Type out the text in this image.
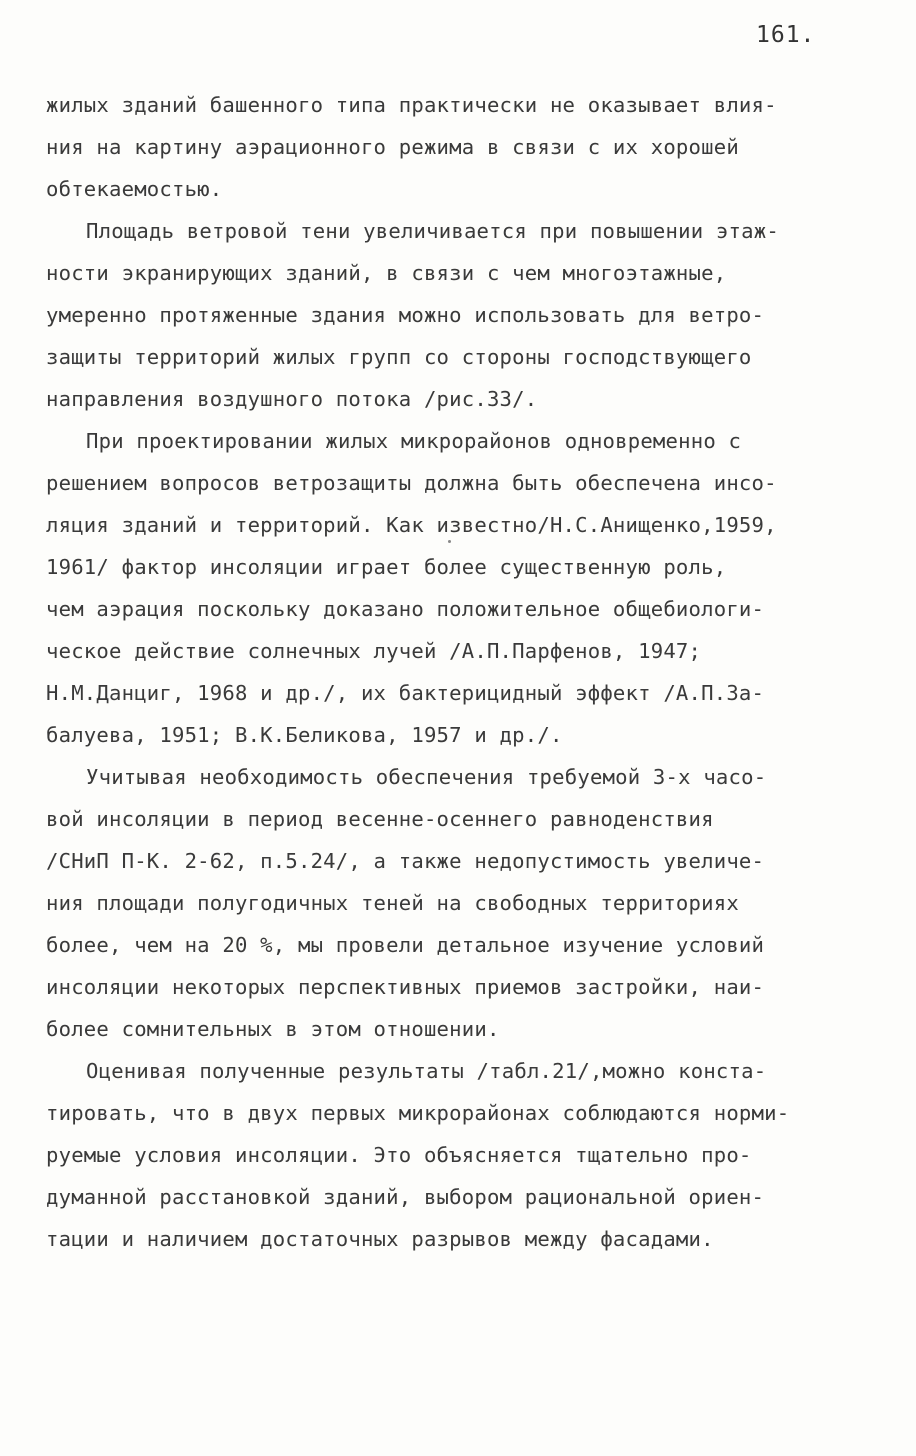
161.
жилых зданий башенного типа практически не оказывает влия-
ния на картину аэрационного режима в связи с их хорошей
обтекаемостью.
Площадь ветровой тени увеличивается при повышении этаж-
ности экранирующих зданий, в связи с чем многоэтажные,
умеренно протяженные здания можно использовать для ветро-
защиты территорий жилых групп со стороны господствующего
направления воздушного потока /рис.33/.
При проектировании жилых микрорайонов одновременно с
решением вопросов ветрозащиты должна быть обеспечена инсо-
ляция зданий и территорий. Как известно/Н.С.Анищенко,1959,
1961/ фактор инсоляции играет более существенную роль,
чем аэрация поскольку доказано положительное общебиологи-
ческое действие солнечных лучей /А.П.Парфенов, 1947;
Н.М.Данциг, 1968 и др./, их бактерицидный эффект /А.П.За-
балуева, 1951; В.К.Беликова, 1957 и др./.
Учитывая необходимость обеспечения требуемой 3-х часо-
вой инсоляции в период весенне-осеннего равноденствия
/СНиП П-К. 2-62, п.5.24/, а также недопустимость увеличе-
ния площади полугодичных теней на свободных территориях
более, чем на 20 %, мы провели детальное изучение условий
инсоляции некоторых перспективных приемов застройки, наи-
более сомнительных в этом отношении.
Оценивая полученные результаты /табл.21/,можно конста-
тировать, что в двух первых микрорайонах соблюдаются норми-
руемые условия инсоляции. Это объясняется тщательно про-
думанной расстановкой зданий, выбором рациональной ориен-
тации и наличием достаточных разрывов между фасадами.
